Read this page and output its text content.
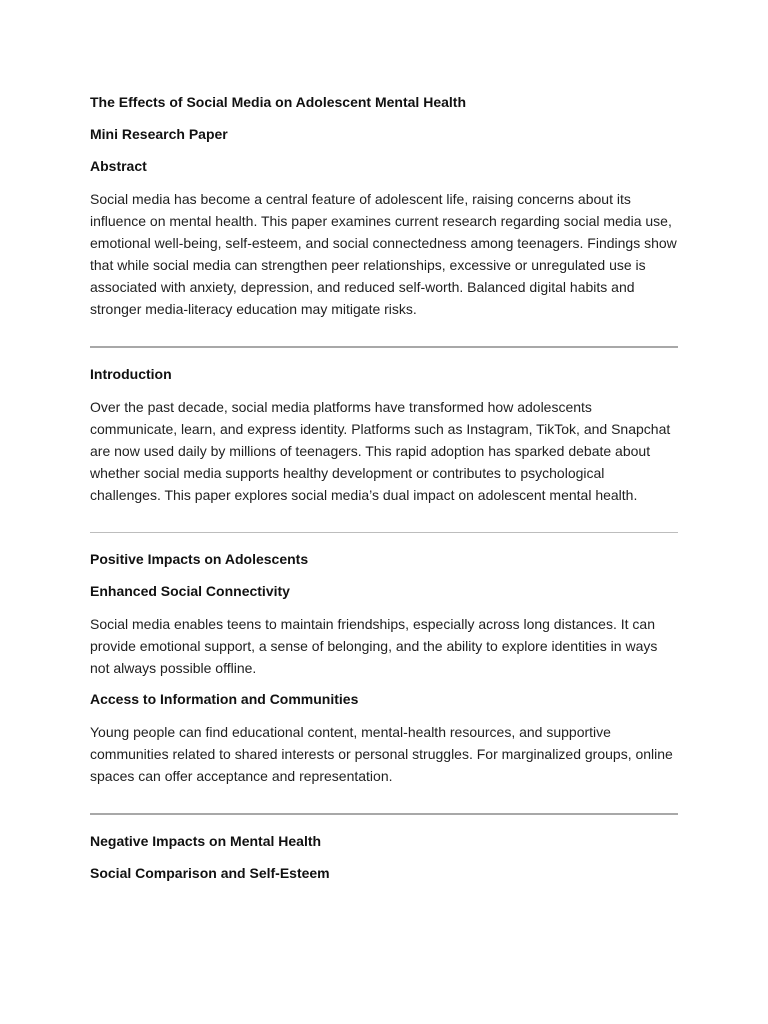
The Effects of Social Media on Adolescent Mental Health
Mini Research Paper
Abstract
Social media has become a central feature of adolescent life, raising concerns about its influence on mental health. This paper examines current research regarding social media use, emotional well-being, self-esteem, and social connectedness among teenagers. Findings show that while social media can strengthen peer relationships, excessive or unregulated use is associated with anxiety, depression, and reduced self-worth. Balanced digital habits and stronger media-literacy education may mitigate risks.
Introduction
Over the past decade, social media platforms have transformed how adolescents communicate, learn, and express identity. Platforms such as Instagram, TikTok, and Snapchat are now used daily by millions of teenagers. This rapid adoption has sparked debate about whether social media supports healthy development or contributes to psychological challenges. This paper explores social media’s dual impact on adolescent mental health.
Positive Impacts on Adolescents
Enhanced Social Connectivity
Social media enables teens to maintain friendships, especially across long distances. It can provide emotional support, a sense of belonging, and the ability to explore identities in ways not always possible offline.
Access to Information and Communities
Young people can find educational content, mental-health resources, and supportive communities related to shared interests or personal struggles. For marginalized groups, online spaces can offer acceptance and representation.
Negative Impacts on Mental Health
Social Comparison and Self-Esteem
